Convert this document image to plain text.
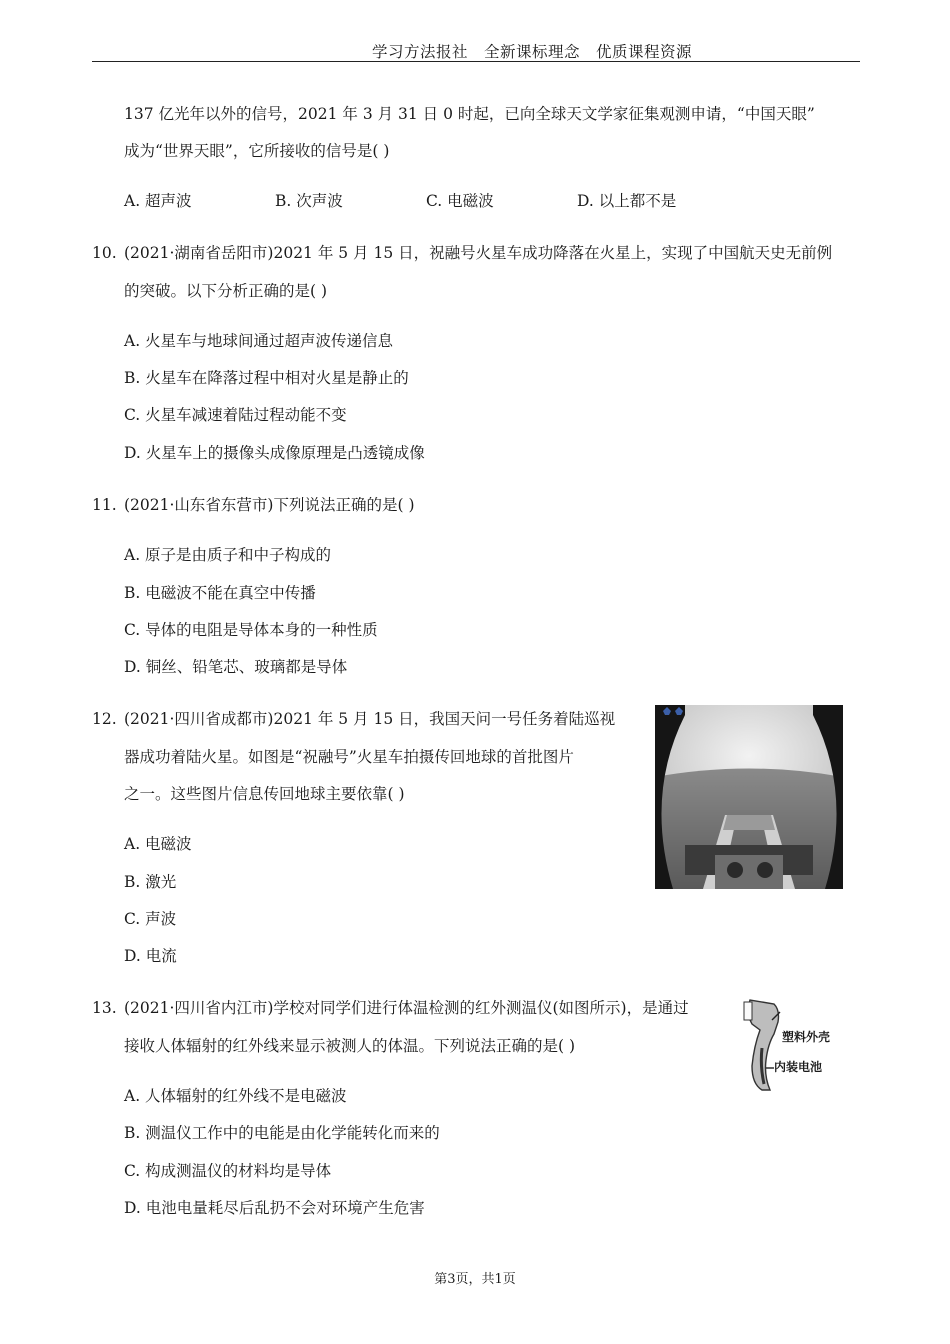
学习方法报社　全新课标理念　优质课程资源
137 亿光年以外的信号，2021 年 3 月 31 日 0 时起，已向全球天文学家征集观测申请，“中国天眼”
成为“世界天眼”，它所接收的信号是( )
A. 超声波	B. 次声波	C. 电磁波	D. 以上都不是
10. (2021·湖南省岳阳市)2021 年 5 月 15 日，祝融号火星车成功降落在火星上，实现了中国航天史无前例
的突破。以下分析正确的是( )
A. 火星车与地球间通过超声波传递信息
B. 火星车在降落过程中相对火星是静止的
C. 火星车减速着陆过程动能不变
D. 火星车上的摄像头成像原理是凸透镜成像
11. (2021·山东省东营市)下列说法正确的是( )
A. 原子是由质子和中子构成的
B. 电磁波不能在真空中传播
C. 导体的电阻是导体本身的一种性质
D. 铜丝、铅笔芯、玻璃都是导体
12. (2021·四川省成都市)2021 年 5 月 15 日，我国天问一号任务着陆巡视
器成功着陆火星。如图是“祝融号”火星车拍摄传回地球的首批图片
之一。这些图片信息传回地球主要依靠( )
A. 电磁波
B. 激光
C. 声波
D. 电流
13. (2021·四川省内江市)学校对同学们进行体温检测的红外测温仪(如图所示)，是通过
接收人体辐射的红外线来显示被测人的体温。下列说法正确的是( )
A. 人体辐射的红外线不是电磁波
B. 测温仪工作中的电能是由化学能转化而来的
C. 构成测温仪的材料均是导体
D. 电池电量耗尽后乱扔不会对环境产生危害
塑料外壳
内装电池
第3页，共1页
